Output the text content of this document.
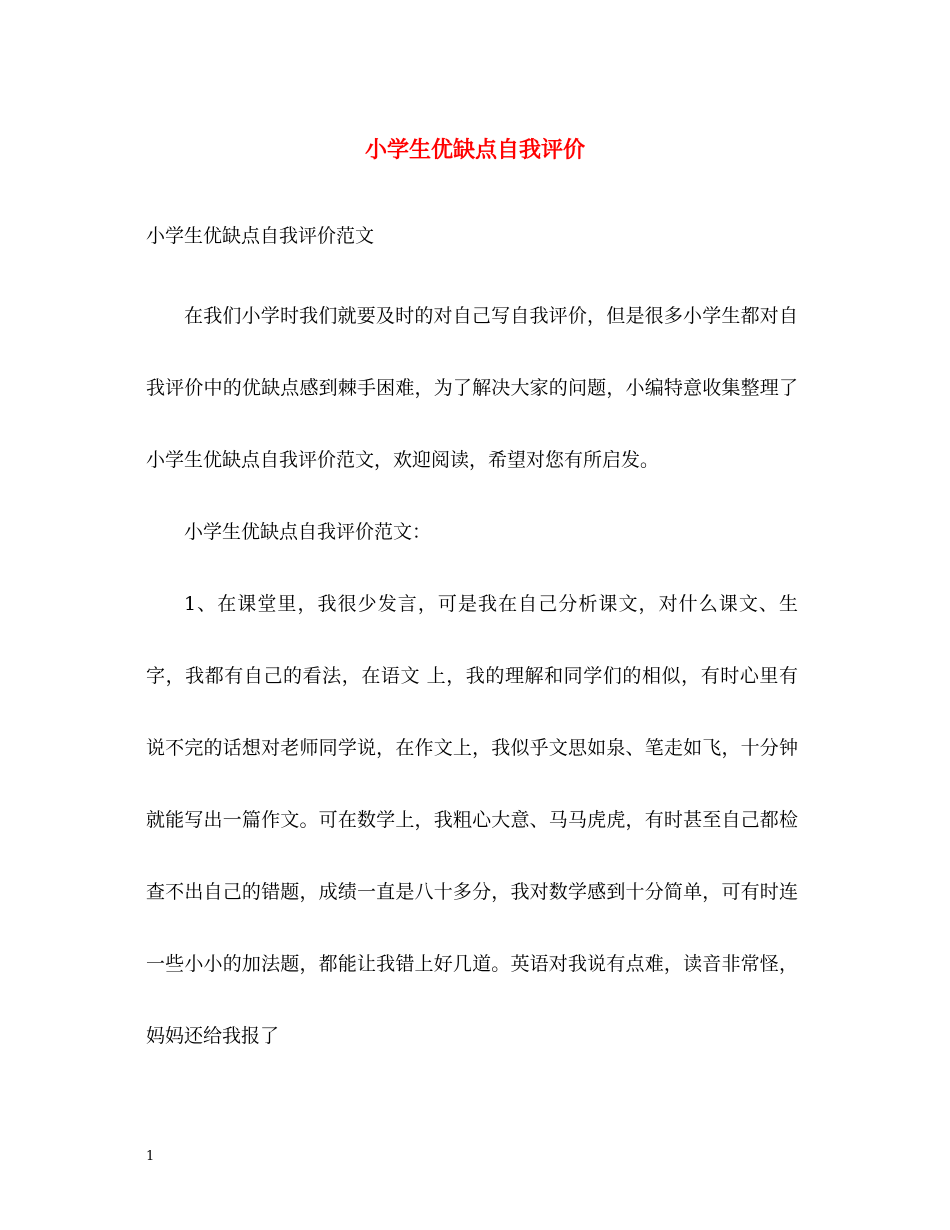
小学生优缺点自我评价
小学生优缺点自我评价范文

在我们小学时我们就要及时的对自己写自我评价，但是很多小学生都对自我评价中的优缺点感到棘手困难，为了解决大家的问题，小编特意收集整理了小学生优缺点自我评价范文，欢迎阅读，希望对您有所启发。

小学生优缺点自我评价范文：

1、在课堂里，我很少发言，可是我在自己分析课文，对什么课文、生字，我都有自己的看法，在语文 上，我的理解和同学们的相似，有时心里有说不完的话想对老师同学说，在作文上，我似乎文思如泉、笔走如飞，十分钟就能写出一篇作文。可在数学上，我粗心大意、马马虎虎，有时甚至自己都检查不出自己的错题，成绩一直是八十多分，我对数学感到十分简单，可有时连一些小小的加法题，都能让我错上好几道。英语对我说有点难，读音非常怪，妈妈还给我报了

1
